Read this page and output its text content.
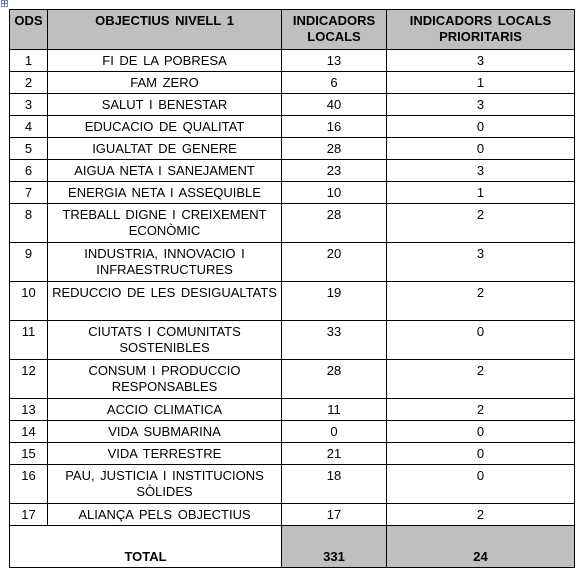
ODS	OBJECTIUS NIVELL 1	INDICADORS LOCALS	INDICADORS LOCALS PRIORITARIS
1	FI DE LA POBRESA	13	3
2	FAM ZERO	6	1
3	SALUT I BENESTAR	40	3
4	EDUCACIO DE QUALITAT	16	0
5	IGUALTAT DE GENERE	28	0
6	AIGUA NETA I SANEJAMENT	23	3
7	ENERGIA NETA I ASSEQUIBLE	10	1
8	TREBALL DIGNE I CREIXEMENT ECONÒMIC	28	2
9	INDUSTRIA, INNOVACIO I INFRAESTRUCTURES	20	3
10	REDUCCIO DE LES DESIGUALTATS	19	2
11	CIUTATS I COMUNITATS SOSTENIBLES	33	0
12	CONSUM I PRODUCCIO RESPONSABLES	28	2
13	ACCIO CLIMATICA	11	2
14	VIDA SUBMARINA	0	0
15	VIDA TERRESTRE	21	0
16	PAU, JUSTICIA I INSTITUCIONS SÒLIDES	18	0
17	ALIANÇA PELS OBJECTIUS	17	2
TOTAL		331	24
